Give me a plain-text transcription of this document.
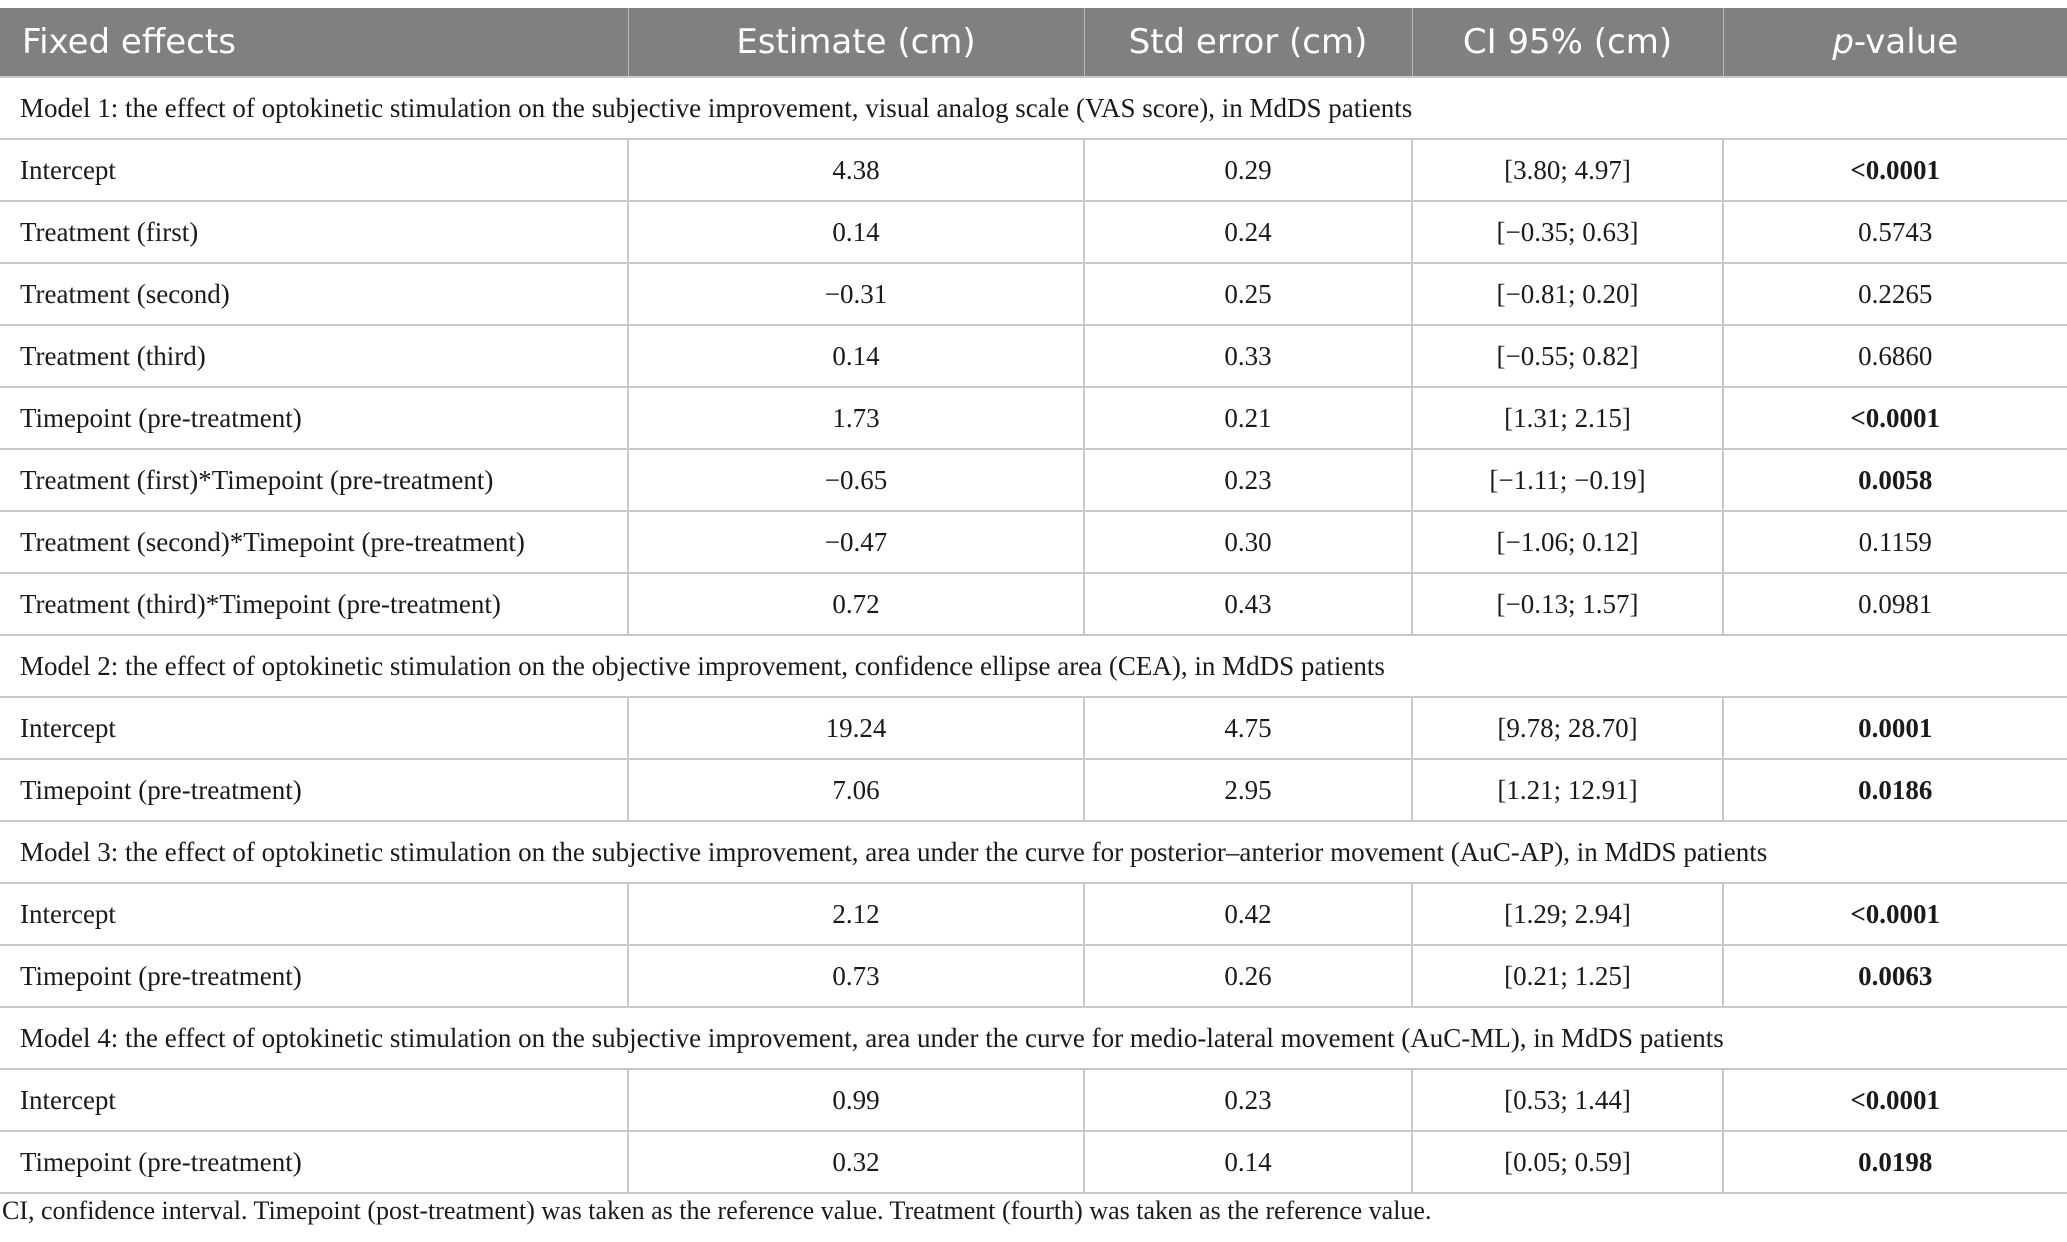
Fixed effects	Estimate (cm)	Std error (cm)	CI 95% (cm)	p-value
Model 1: the effect of optokinetic stimulation on the subjective improvement, visual analog scale (VAS score), in MdDS patients				
Intercept	4.38	0.29	[3.80; 4.97]	<0.0001
Treatment (first)	0.14	0.24	[−0.35; 0.63]	0.5743
Treatment (second)	−0.31	0.25	[−0.81; 0.20]	0.2265
Treatment (third)	0.14	0.33	[−0.55; 0.82]	0.6860
Timepoint (pre-treatment)	1.73	0.21	[1.31; 2.15]	<0.0001
Treatment (first)*Timepoint (pre-treatment)	−0.65	0.23	[−1.11; −0.19]	0.0058
Treatment (second)*Timepoint (pre-treatment)	−0.47	0.30	[−1.06; 0.12]	0.1159
Treatment (third)*Timepoint (pre-treatment)	0.72	0.43	[−0.13; 1.57]	0.0981
Model 2: the effect of optokinetic stimulation on the objective improvement, confidence ellipse area (CEA), in MdDS patients				
Intercept	19.24	4.75	[9.78; 28.70]	0.0001
Timepoint (pre-treatment)	7.06	2.95	[1.21; 12.91]	0.0186
Model 3: the effect of optokinetic stimulation on the subjective improvement, area under the curve for posterior–anterior movement (AuC-AP), in MdDS patients				
Intercept	2.12	0.42	[1.29; 2.94]	<0.0001
Timepoint (pre-treatment)	0.73	0.26	[0.21; 1.25]	0.0063
Model 4: the effect of optokinetic stimulation on the subjective improvement, area under the curve for medio-lateral movement (AuC-ML), in MdDS patients				
Intercept	0.99	0.23	[0.53; 1.44]	<0.0001
Timepoint (pre-treatment)	0.32	0.14	[0.05; 0.59]	0.0198
CI, confidence interval. Timepoint (post-treatment) was taken as the reference value. Treatment (fourth) was taken as the reference value.
